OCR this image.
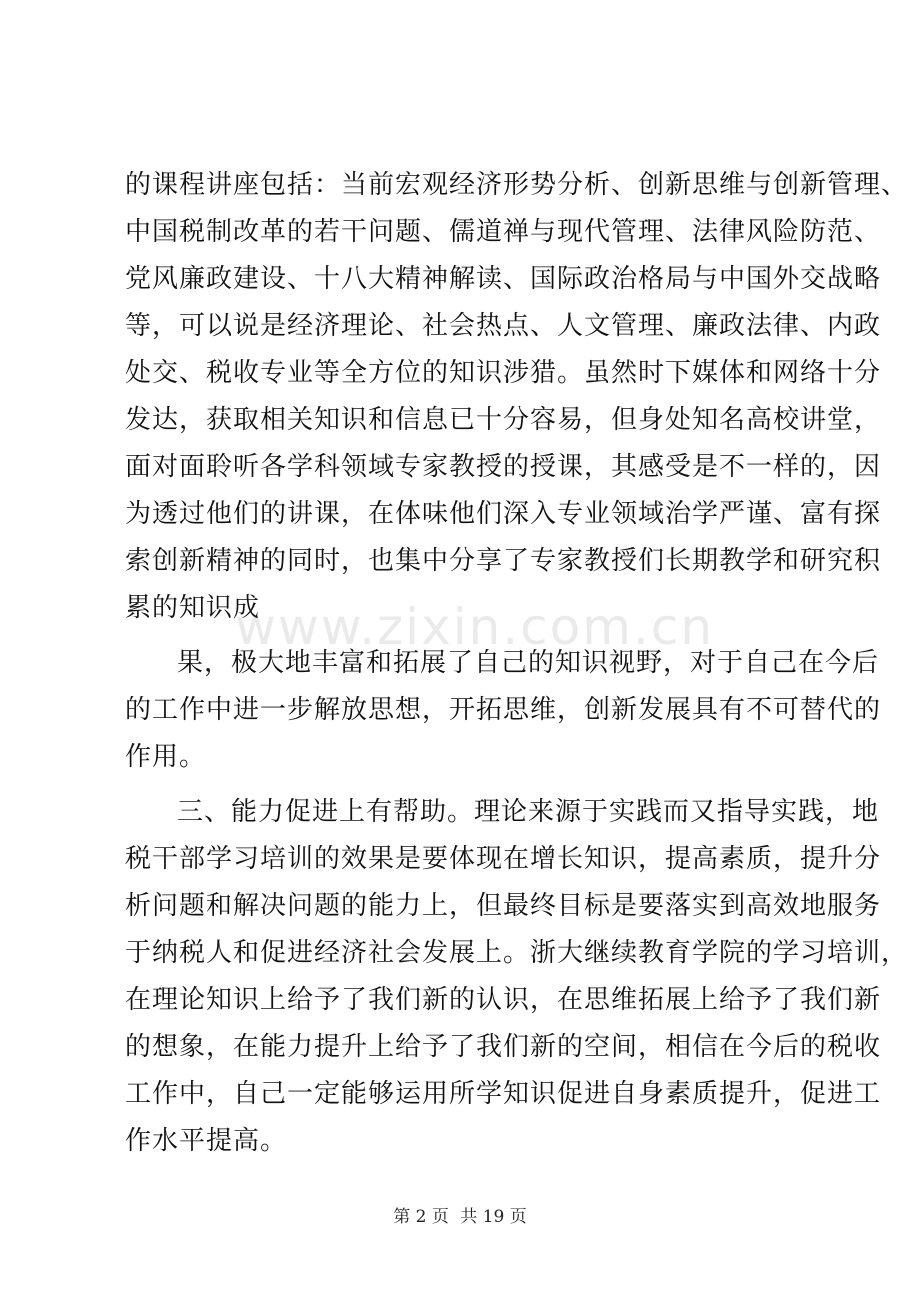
的课程讲座包括：当前宏观经济形势分析、创新思维与创新管理、
中国税制改革的若干问题、儒道禅与现代管理、法律风险防范、
党风廉政建设、十八大精神解读、国际政治格局与中国外交战略
等，可以说是经济理论、社会热点、人文管理、廉政法律、内政
处交、税收专业等全方位的知识涉猎。虽然时下媒体和网络十分
发达，获取相关知识和信息已十分容易，但身处知名高校讲堂，
面对面聆听各学科领域专家教授的授课，其感受是不一样的，因
为透过他们的讲课，在体味他们深入专业领域治学严谨、富有探
索创新精神的同时，也集中分享了专家教授们长期教学和研究积
累的知识成
果，极大地丰富和拓展了自己的知识视野，对于自己在今后
的工作中进一步解放思想，开拓思维，创新发展具有不可替代的
作用。
三、能力促进上有帮助。理论来源于实践而又指导实践，地
税干部学习培训的效果是要体现在增长知识，提高素质，提升分
析问题和解决问题的能力上，但最终目标是要落实到高效地服务
于纳税人和促进经济社会发展上。浙大继续教育学院的学习培训，
在理论知识上给予了我们新的认识，在思维拓展上给予了我们新
的想象，在能力提升上给予了我们新的空间，相信在今后的税收
工作中，自己一定能够运用所学知识促进自身素质提升，促进工
作水平提高。
www.zixin.com.cn
第 2 页 共 19 页
